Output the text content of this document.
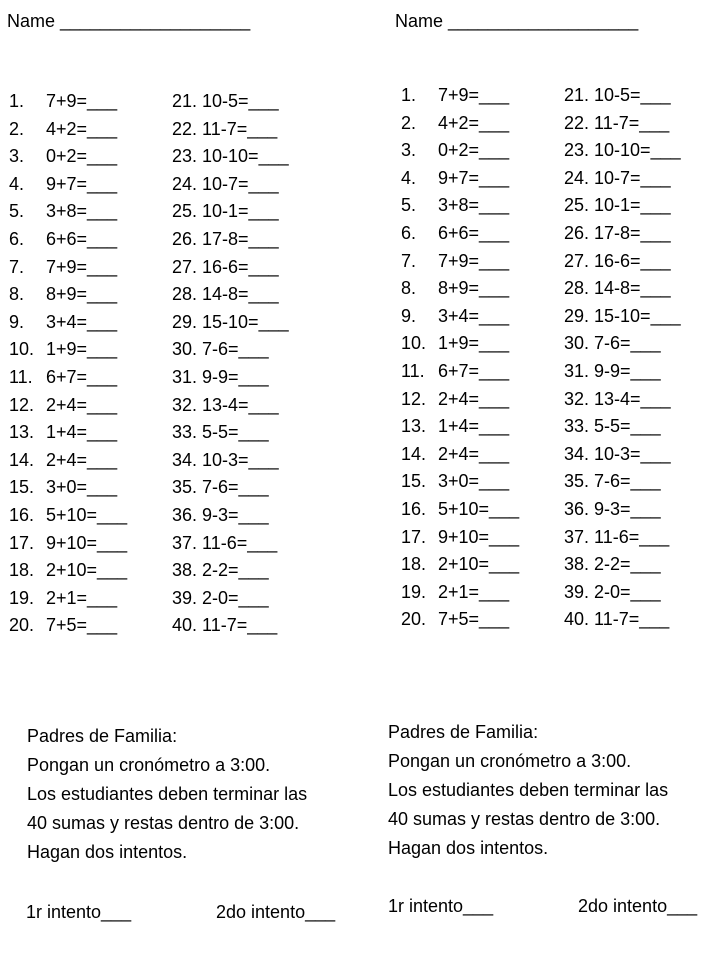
Name ___________________
1.	7+9=___	21. 10-5=___
2.	4+2=___	22. 11-7=___
3.	0+2=___	23. 10-10=___
4.	9+7=___	24. 10-7=___
5.	3+8=___	25. 10-1=___
6.	6+6=___	26. 17-8=___
7.	7+9=___	27. 16-6=___
8.	8+9=___	28. 14-8=___
9.	3+4=___	29. 15-10=___
10. 1+9=___	30. 7-6=___
11. 6+7=___	31. 9-9=___
12. 2+4=___	32. 13-4=___
13. 1+4=___	33. 5-5=___
14. 2+4=___	34. 10-3=___
15. 3+0=___	35. 7-6=___
16. 5+10=___ 36. 9-3=___
17. 9+10=___ 37. 11-6=___
18. 2+10=___ 38. 2-2=___
19. 2+1=___	39. 2-0=___
20. 7+5=___	40. 11-7=___
Padres de Familia:
Pongan un cronómetro a 3:00.
Los estudiantes deben terminar las
40 sumas y restas dentro de 3:00.
Hagan dos intentos.
1r intento___	2do intento___
Name ___________________
1.	7+9=___	21. 10-5=___
2.	4+2=___	22. 11-7=___
3.	0+2=___	23. 10-10=___
4.	9+7=___	24. 10-7=___
5.	3+8=___	25. 10-1=___
6.	6+6=___	26. 17-8=___
7.	7+9=___	27. 16-6=___
8.	8+9=___	28. 14-8=___
9.	3+4=___	29. 15-10=___
10. 1+9=___	30. 7-6=___
11. 6+7=___	31. 9-9=___
12. 2+4=___	32. 13-4=___
13. 1+4=___	33. 5-5=___
14. 2+4=___	34. 10-3=___
15. 3+0=___	35. 7-6=___
16. 5+10=___ 36. 9-3=___
17. 9+10=___ 37. 11-6=___
18. 2+10=___ 38. 2-2=___
19. 2+1=___	39. 2-0=___
20. 7+5=___	40. 11-7=___
Padres de Familia:
Pongan un cronómetro a 3:00.
Los estudiantes deben terminar las
40 sumas y restas dentro de 3:00.
Hagan dos intentos.
1r intento___	2do intento___
